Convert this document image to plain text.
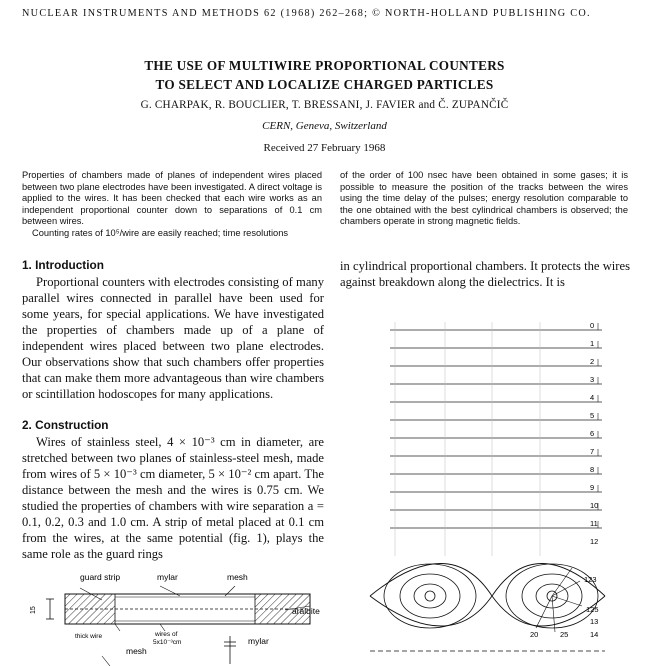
NUCLEAR INSTRUMENTS AND METHODS 62 (1968) 262–268; © NORTH-HOLLAND PUBLISHING CO.
THE USE OF MULTIWIRE PROPORTIONAL COUNTERS
TO SELECT AND LOCALIZE CHARGED PARTICLES
G. CHARPAK, R. BOUCLIER, T. BRESSANI, J. FAVIER and Č. ZUPANČIČ
CERN, Geneva, Switzerland
Received 27 February 1968

Properties of chambers made of planes of independent wires placed between two plane electrodes have been investigated. A direct voltage is applied to the wires. It has been checked that each wire works as an independent proportional counter down to separations of 0.1 cm between wires.

Counting rates of 10⁵/wire are easily reached; time resolutions

of the order of 100 nsec have been obtained in some gases; it is possible to measure the position of the tracks between the wires using the time delay of the pulses; energy resolution comparable to the one obtained with the best cylindrical chambers is observed; the chambers operate in strong magnetic fields.
1. Introduction

Proportional counters with electrodes consisting of many parallel wires connected in parallel have been used for some years, for special applications. We have investigated the properties of chambers made up of a plane of independent wires placed between two plane electrodes. Our observations show that such chambers offer properties that can make them more advantageous than wire chambers or scintillation hodoscopes for many applications.

2. Construction

Wires of stainless steel, 4 × 10⁻³ cm in diameter, are stretched between two planes of stainless-steel mesh, made from wires of 5 × 10⁻³ cm diameter, 5 × 10⁻² cm apart. The distance between the mesh and the wires is 0.75 cm. We studied the properties of chambers with wire separation a = 0.1, 0.2, 0.3 and 1.0 cm. A strip of metal placed at 0.1 cm from the wires, at the same potential (fig. 1), plays the same role as the guard rings

in cylindrical proportional chambers. It protects the wires against breakdown along the dielectrics. It is

guard strip	mylar	mesh
araldite
thick wire	wires of
5x10⁻³cm	mylar
mesh
15
0
1
2
3
4
5
6
7
8
9
10
11
12
123
125
13
14
20	25
